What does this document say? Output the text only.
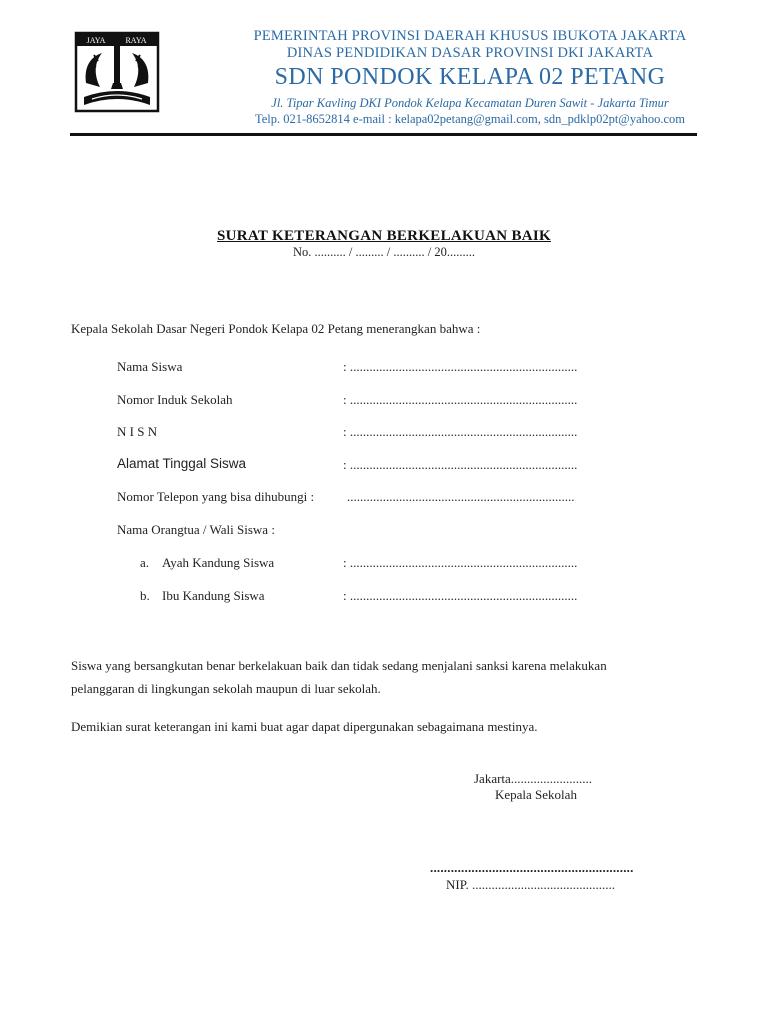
JAYA	RAYA	PEMERINTAH PROVINSI DAERAH KHUSUS IBUKOTA JAKARTA
DINAS PENDIDIKAN DASAR PROVINSI DKI JAKARTA
SDN PONDOK KELAPA 02 PETANG
Jl. Tipar Kavling DKI Pondok Kelapa Kecamatan Duren Sawit - Jakarta Timur
Telp. 021-8652814 e-mail : kelapa02petang@gmail.com, sdn_pdklp02pt@yahoo.com
SURAT KETERANGAN BERKELAKUAN BAIK
No. .......... / ......... / .......... / 20.........
Kepala Sekolah Dasar Negeri Pondok Kelapa 02 Petang menerangkan bahwa :
Nama Siswa	: ......................................................................
Nomor Induk Sekolah	: ......................................................................
N I S N	: ......................................................................
Alamat Tinggal Siswa	: ......................................................................
Nomor Telepon yang bisa dihubungi :	......................................................................
Nama Orangtua / Wali Siswa :
a. Ayah Kandung Siswa	: ......................................................................
b. Ibu Kandung Siswa	: ......................................................................
Siswa yang bersangkutan benar berkelakuan baik dan tidak sedang menjalani sanksi karena melakukan
pelanggaran di lingkungan sekolah maupun di luar sekolah.
Demikian surat keterangan ini kami buat agar dapat dipergunakan sebagaimana mestinya.
Jakarta.........................
Kepala Sekolah
...........................................................
NIP. ............................................
